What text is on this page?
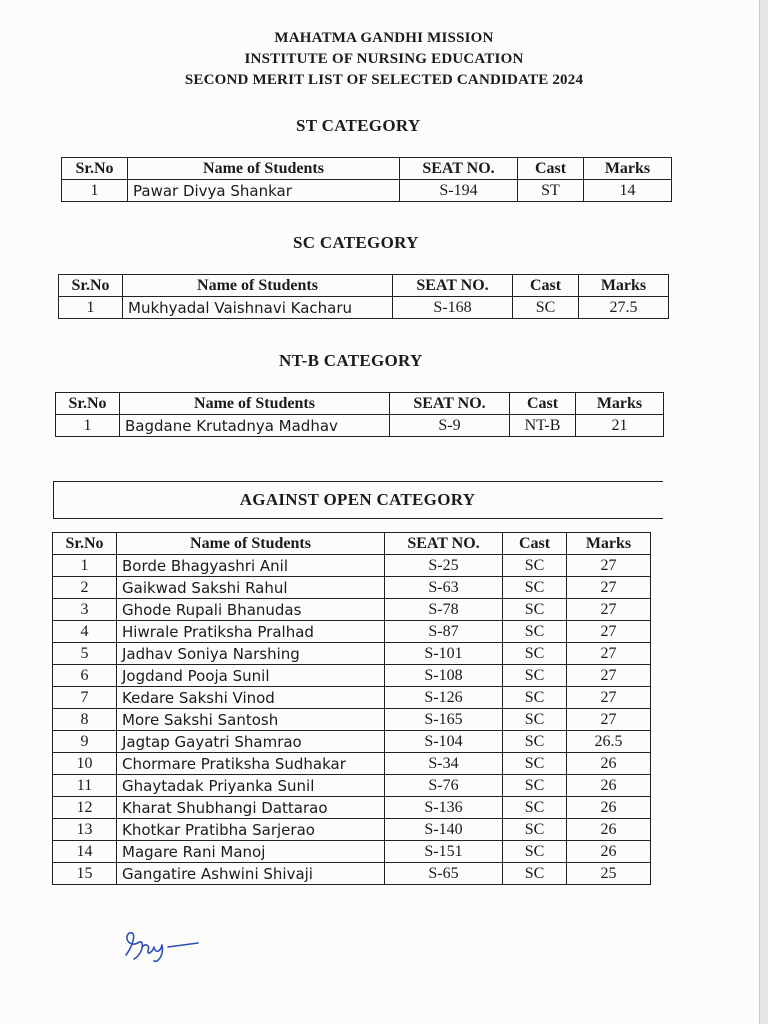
MAHATMA GANDHI MISSION
INSTITUTE OF NURSING EDUCATION
SECOND MERIT LIST OF SELECTED CANDIDATE 2024
ST CATEGORY
Sr.No	Name of Students	SEAT NO.	Cast	Marks
1	Pawar Divya Shankar	S-194	ST	14
SC CATEGORY
Sr.No	Name of Students	SEAT NO.	Cast	Marks
1	Mukhyadal Vaishnavi Kacharu	S-168	SC	27.5
NT-B CATEGORY
Sr.No	Name of Students	SEAT NO.	Cast	Marks
1	Bagdane Krutadnya Madhav	S-9	NT-B	21
AGAINST OPEN CATEGORY
Sr.No	Name of Students	SEAT NO.	Cast	Marks
1	Borde Bhagyashri Anil	S-25	SC	27
2	Gaikwad Sakshi Rahul	S-63	SC	27
3	Ghode Rupali Bhanudas	S-78	SC	27
4	Hiwrale Pratiksha Pralhad	S-87	SC	27
5	Jadhav Soniya Narshing	S-101	SC	27
6	Jogdand Pooja Sunil	S-108	SC	27
7	Kedare Sakshi Vinod	S-126	SC	27
8	More Sakshi Santosh	S-165	SC	27
9	Jagtap Gayatri Shamrao	S-104	SC	26.5
10	Chormare Pratiksha Sudhakar	S-34	SC	26
11	Ghaytadak Priyanka Sunil	S-76	SC	26
12	Kharat Shubhangi Dattarao	S-136	SC	26
13	Khotkar Pratibha Sarjerao	S-140	SC	26
14	Magare Rani Manoj	S-151	SC	26
15	Gangatire Ashwini Shivaji	S-65	SC	25
